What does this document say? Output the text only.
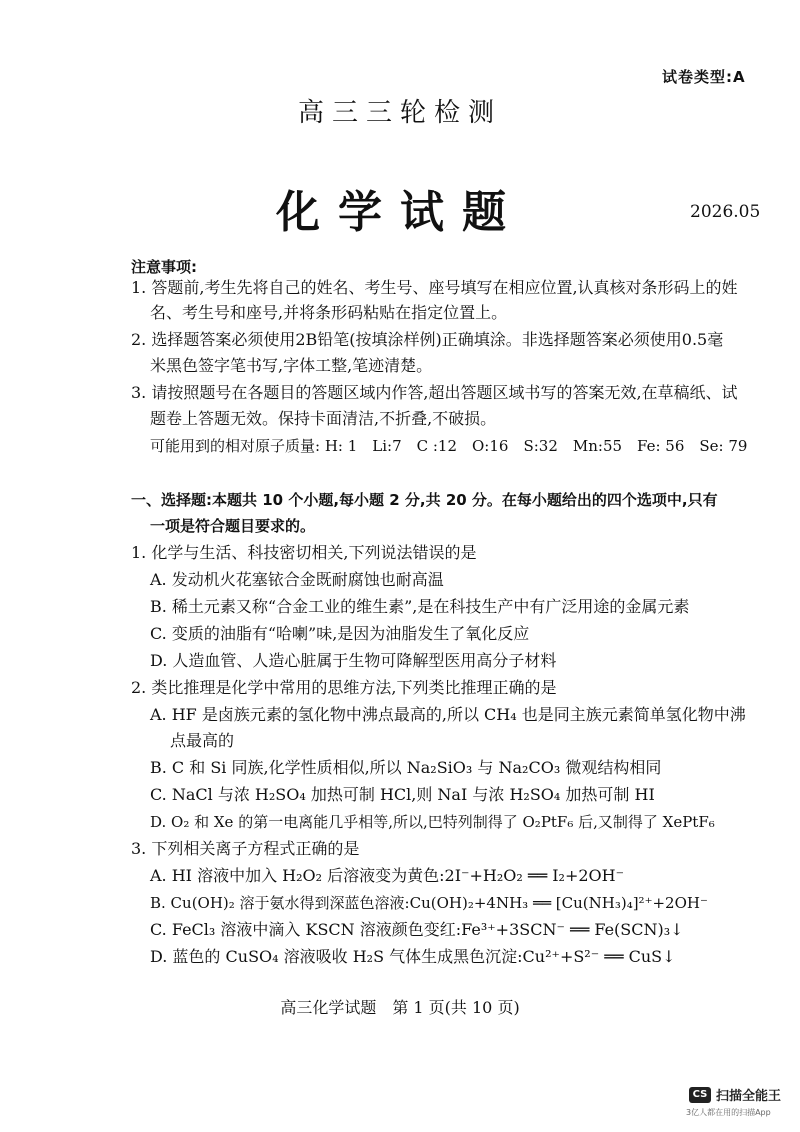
试卷类型:A
高三三轮检测
化学试题	2026.05
注意事项:
1. 答题前,考生先将自己的姓名、考生号、座号填写在相应位置,认真核对条形码上的姓
名、考生号和座号,并将条形码粘贴在指定位置上。
2. 选择题答案必须使用2B铅笔(按填涂样例)正确填涂。非选择题答案必须使用0.5毫
米黑色签字笔书写,字体工整,笔迹清楚。
3. 请按照题号在各题目的答题区域内作答,超出答题区域书写的答案无效,在草稿纸、试
题卷上答题无效。保持卡面清洁,不折叠,不破损。
可能用到的相对原子质量: H: 1　Li:7　C :12　O:16　S:32　Mn:55　Fe: 56　Se: 79
一、选择题:本题共 10 个小题,每小题 2 分,共 20 分。在每小题给出的四个选项中,只有
一项是符合题目要求的。
1. 化学与生活、科技密切相关,下列说法错误的是
A. 发动机火花塞铱合金既耐腐蚀也耐高温
B. 稀土元素又称“合金工业的维生素”,是在科技生产中有广泛用途的金属元素
C. 变质的油脂有“哈喇”味,是因为油脂发生了氧化反应
D. 人造血管、人造心脏属于生物可降解型医用高分子材料
2. 类比推理是化学中常用的思维方法,下列类比推理正确的是
A. HF 是卤族元素的氢化物中沸点最高的,所以 CH₄ 也是同主族元素简单氢化物中沸
点最高的
B. C 和 Si 同族,化学性质相似,所以 Na₂SiO₃ 与 Na₂CO₃ 微观结构相同
C. NaCl 与浓 H₂SO₄ 加热可制 HCl,则 NaI 与浓 H₂SO₄ 加热可制 HI
D. O₂ 和 Xe 的第一电离能几乎相等,所以,巴特列制得了 O₂PtF₆ 后,又制得了 XePtF₆
3. 下列相关离子方程式正确的是
A. HI 溶液中加入 H₂O₂ 后溶液变为黄色:2I⁻+H₂O₂ ══ I₂+2OH⁻
B. Cu(OH)₂ 溶于氨水得到深蓝色溶液:Cu(OH)₂+4NH₃ ══ [Cu(NH₃)₄]²⁺+2OH⁻
C. FeCl₃ 溶液中滴入 KSCN 溶液颜色变红:Fe³⁺+3SCN⁻ ══ Fe(SCN)₃↓
D. 蓝色的 CuSO₄ 溶液吸收 H₂S 气体生成黑色沉淀:Cu²⁺+S²⁻ ══ CuS↓
高三化学试题　第 1 页(共 10 页)
CS 扫描全能王
3亿人都在用的扫描App
